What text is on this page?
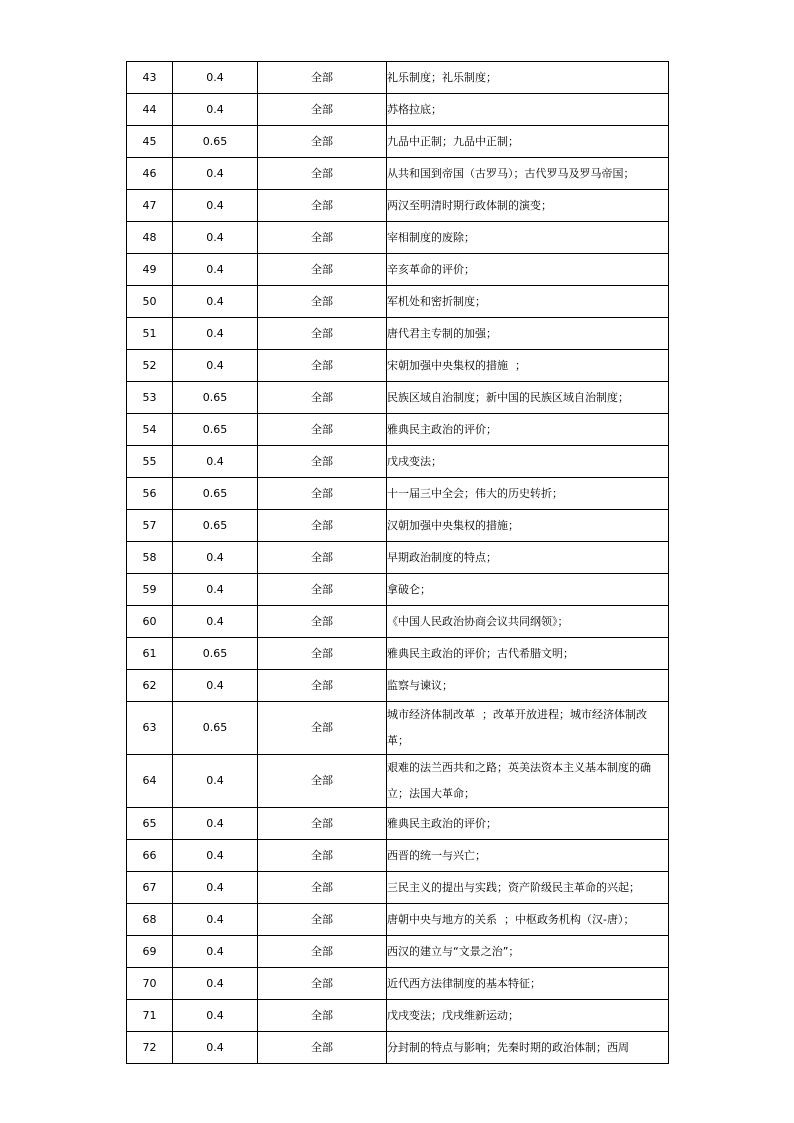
43	0.4	全部	礼乐制度；礼乐制度；
44	0.4	全部	苏格拉底；
45	0.65	全部	九品中正制；九品中正制；
46	0.4	全部	从共和国到帝国（古罗马）；古代罗马及罗马帝国；
47	0.4	全部	两汉至明清时期行政体制的演变；
48	0.4	全部	宰相制度的废除；
49	0.4	全部	辛亥革命的评价；
50	0.4	全部	军机处和密折制度；
51	0.4	全部	唐代君主专制的加强；
52	0.4	全部	宋朝加强中央集权的措施  ；
53	0.65	全部	民族区域自治制度；新中国的民族区域自治制度；
54	0.65	全部	雅典民主政治的评价；
55	0.4	全部	戊戌变法；
56	0.65	全部	十一届三中全会；伟大的历史转折；
57	0.65	全部	汉朝加强中央集权的措施；
58	0.4	全部	早期政治制度的特点；
59	0.4	全部	拿破仑；
60	0.4	全部	《中国人民政治协商会议共同纲领》；
61	0.65	全部	雅典民主政治的评价；古代希腊文明；
62	0.4	全部	监察与谏议；
63	0.65	全部	城市经济体制改革  ；改革开放进程；城市经济体制改革；
64	0.4	全部	艰难的法兰西共和之路；英美法资本主义基本制度的确立；法国大革命；
65	0.4	全部	雅典民主政治的评价；
66	0.4	全部	西晋的统一与兴亡；
67	0.4	全部	三民主义的提出与实践；资产阶级民主革命的兴起；
68	0.4	全部	唐朝中央与地方的关系  ；中枢政务机构（汉-唐）；
69	0.4	全部	西汉的建立与“文景之治”；
70	0.4	全部	近代西方法律制度的基本特征；
71	0.4	全部	戊戌变法；戊戌维新运动；
72	0.4	全部	分封制的特点与影响；先秦时期的政治体制；西周
